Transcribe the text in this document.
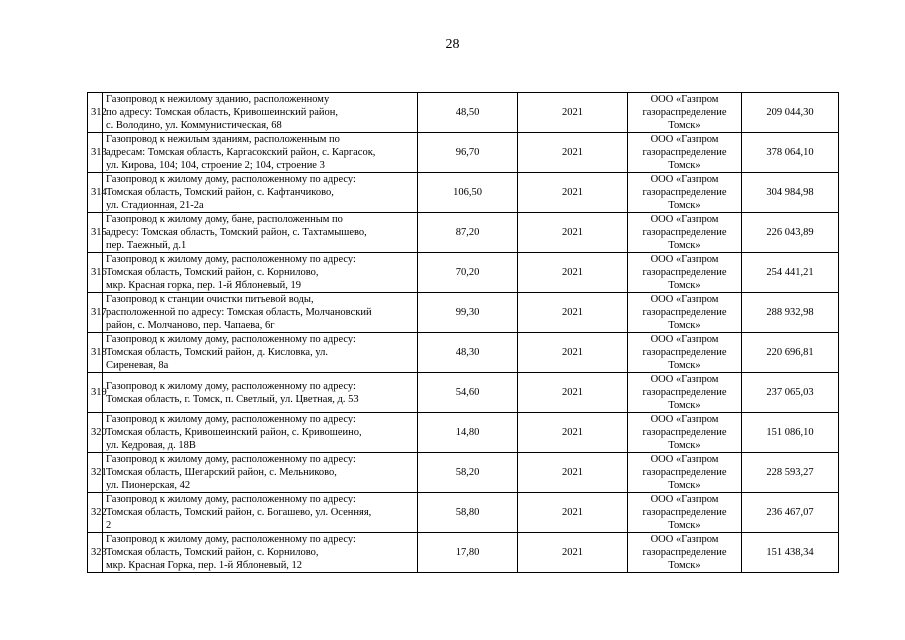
28
312	Газопровод к нежилому зданию, расположенному
по адресу: Томская область, Кривошеинский район,
с. Володино, ул. Коммунистическая, 68	48,50	2021	ООО «Газпром
газораспределение
Томск»	209 044,30
313	Газопровод к нежилым зданиям, расположенным по
адресам: Томская область, Каргасокский район, с. Каргасок,
ул. Кирова, 104; 104, строение 2; 104, строение 3	96,70	2021	ООО «Газпром
газораспределение
Томск»	378 064,10
314	Газопровод к жилому дому, расположенному по адресу:
Томская область, Томский район, с. Кафтанчиково,
ул. Стадионная, 21-2а	106,50	2021	ООО «Газпром
газораспределение
Томск»	304 984,98
315	Газопровод к жилому дому, бане, расположенным по
адресу: Томская область, Томский район, с. Тахтамышево,
пер. Таежный, д.1	87,20	2021	ООО «Газпром
газораспределение
Томск»	226 043,89
316	Газопровод к жилому дому, расположенному по адресу:
Томская область, Томский район, с. Корнилово,
мкр. Красная горка, пер. 1-й Яблоневый, 19	70,20	2021	ООО «Газпром
газораспределение
Томск»	254 441,21
317	Газопровод к станции очистки питьевой воды,
расположенной по адресу: Томская область, Молчановский
район, с. Молчаново, пер. Чапаева, 6г	99,30	2021	ООО «Газпром
газораспределение
Томск»	288 932,98
318	Газопровод к жилому дому, расположенному по адресу:
Томская область, Томский район, д. Кисловка, ул.
Сиреневая, 8а	48,30	2021	ООО «Газпром
газораспределение
Томск»	220 696,81
319	Газопровод к жилому дому, расположенному по адресу:
Томская область, г. Томск, п. Светлый, ул. Цветная, д. 53	54,60	2021	ООО «Газпром
газораспределение
Томск»	237 065,03
320	Газопровод к жилому дому, расположенному по адресу:
Томская область, Кривошеинский район, с. Кривошеино,
ул. Кедровая, д. 18В	14,80	2021	ООО «Газпром
газораспределение
Томск»	151 086,10
321	Газопровод к жилому дому, расположенному по адресу:
Томская область, Шегарский район, с. Мельниково,
ул. Пионерская, 42	58,20	2021	ООО «Газпром
газораспределение
Томск»	228 593,27
322	Газопровод к жилому дому, расположенному по адресу:
Томская область, Томский район, с. Богашево, ул. Осенняя,
2	58,80	2021	ООО «Газпром
газораспределение
Томск»	236 467,07
323	Газопровод к жилому дому, расположенному по адресу:
Томская область, Томский район, с. Корнилово,
мкр. Красная Горка, пер. 1-й Яблоневый, 12	17,80	2021	ООО «Газпром
газораспределение
Томск»	151 438,34
